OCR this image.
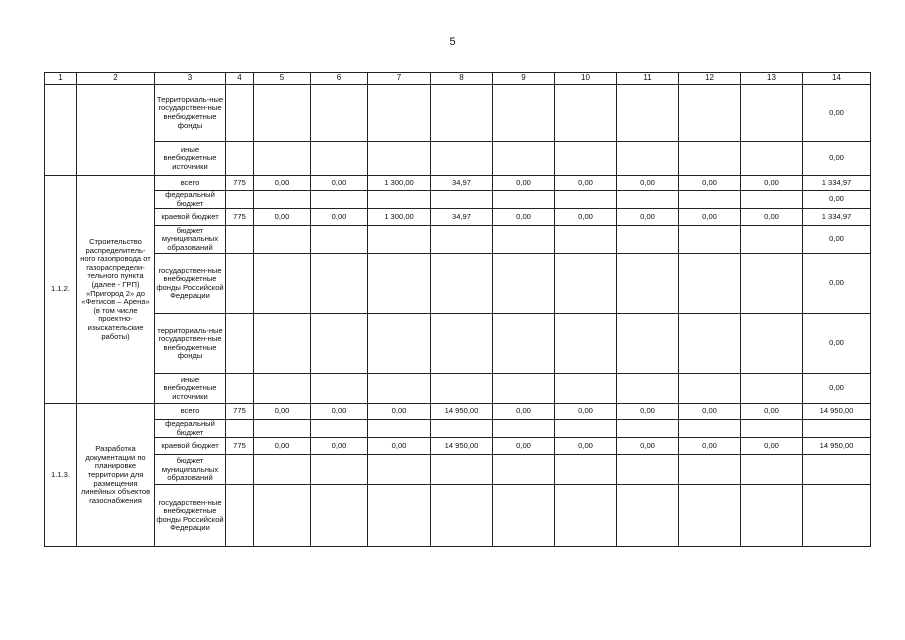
5
1	2	3	4	5	6	7	8	9	10	11	12	13	14
		Территориаль-ные государствен-ные внебюджетные фонды											0,00
		иные внебюджетные источники											0,00
1.1.2.	Строительство распределитель-ного газопровода от газораспредели-тельного пункта (далее - ГРП) «Пригород 2» до «Фетисов – Арена» (в том числе проектно-изыскательские работы)	всего	775	0,00	0,00	1 300,00	34,97	0,00	0,00	0,00	0,00	0,00	1 334,97
		федеральный бюджет											0,00
		краевой бюджет	775	0,00	0,00	1 300,00	34,97	0,00	0,00	0,00	0,00	0,00	1 334,97
		бюджет муниципальных образований											0,00
		государствен-ные внебюджетные фонды Российской Федерации											0,00
		территориаль-ные государствен-ные внебюджетные фонды											0,00
		иные внебюджетные источники											0,00
1.1.3.	Разработка документации по планировке территории для размещения линейных объектов газоснабжения	всего	775	0,00	0,00	0,00	14 950,00	0,00	0,00	0,00	0,00	0,00	14 950,00
		федеральный бюджет											
		краевой бюджет	775	0,00	0,00	0,00	14 950,00	0,00	0,00	0,00	0,00	0,00	14 950,00
		бюджет муниципальных образований											
		государствен-ные внебюджетные фонды Российской Федерации											
